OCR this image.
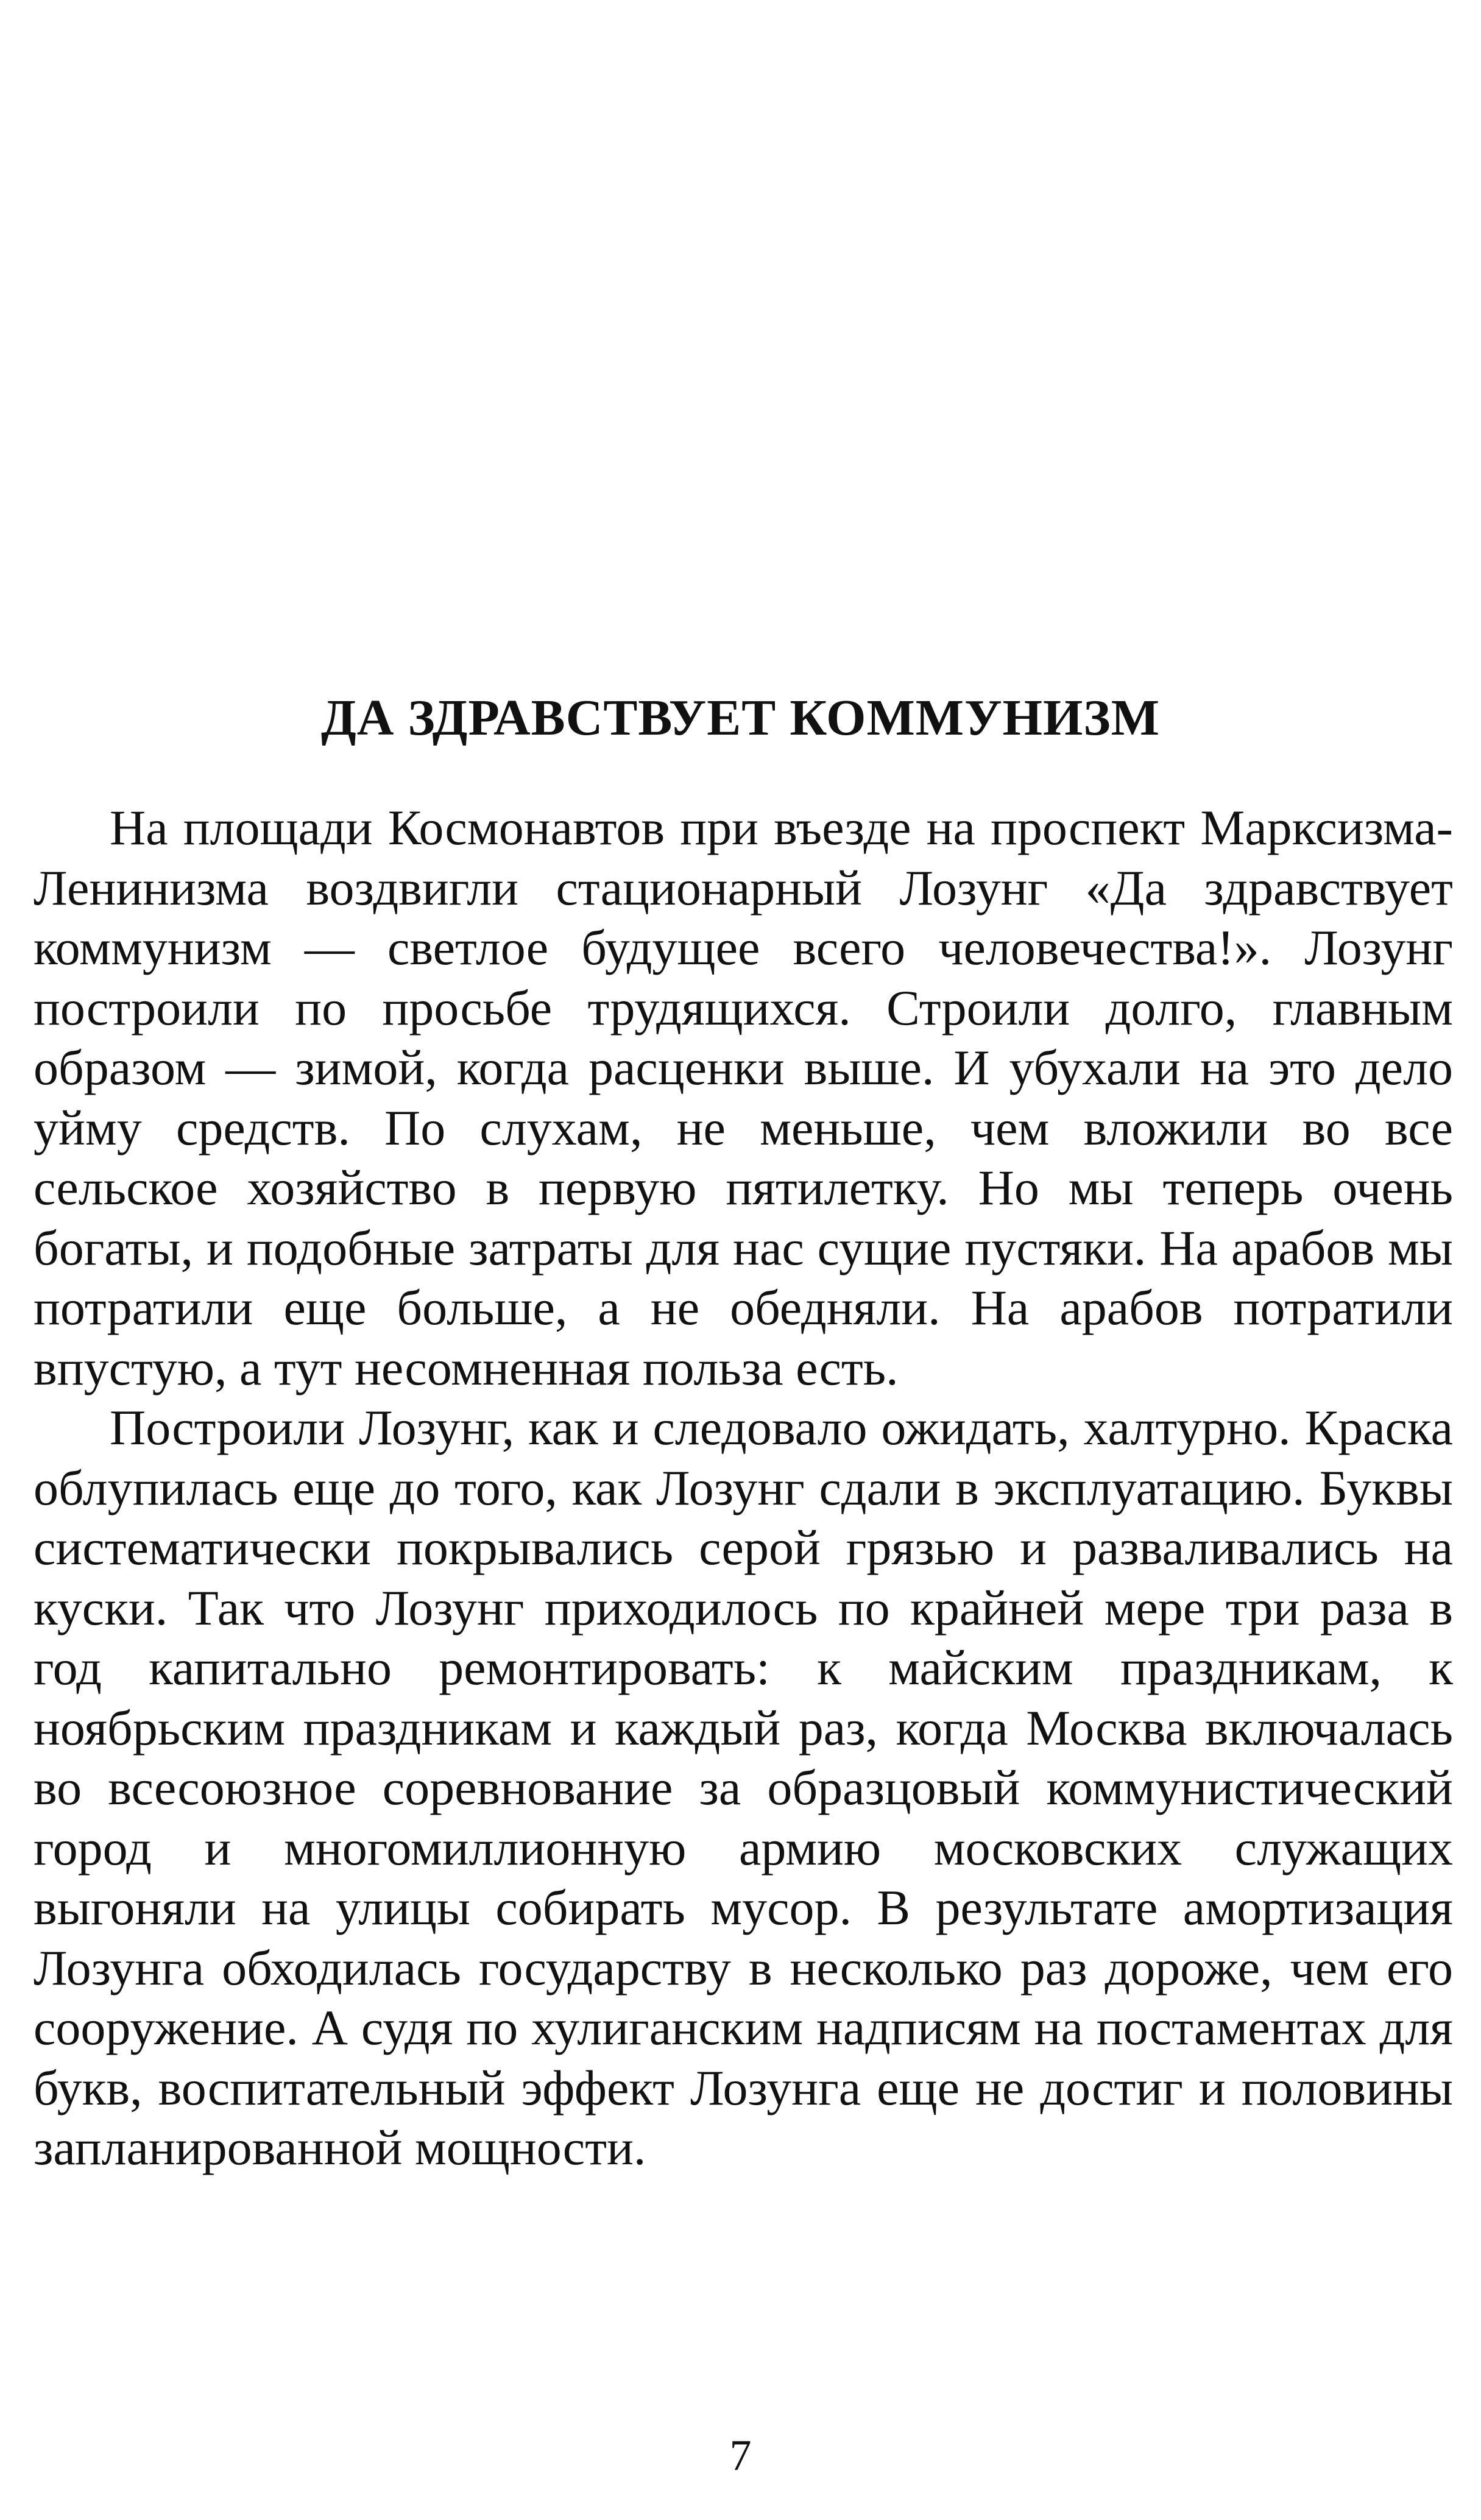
ДА ЗДРАВСТВУЕТ КОММУНИЗМ

На площади Космонавтов при въезде на проспект Марксизма-Ленинизма воздвигли стационарный Лозунг «Да здравствует коммунизм — светлое будущее всего человечества!». Лозунг построили по просьбе трудящихся. Строили долго, главным образом — зимой, когда расценки выше. И убухали на это дело уйму средств. По слухам, не меньше, чем вложили во все сельское хозяйство в первую пятилетку. Но мы теперь очень богаты, и подобные затраты для нас сущие пустяки. На арабов мы потратили еще больше, а не обедняли. На арабов потратили впустую, а тут несомненная польза есть.

Построили Лозунг, как и следовало ожидать, халтурно. Краска облупилась еще до того, как Лозунг сдали в эксплуатацию. Буквы систематически покрывались серой грязью и разваливались на куски. Так что Лозунг приходилось по крайней мере три раза в год капитально ремонтировать: к майским праздникам, к ноябрьским праздникам и каждый раз, когда Москва включалась во всесоюзное соревнование за образцовый коммунистический город и многомиллионную армию московских служащих выгоняли на улицы собирать мусор. В результате амортизация Лозунга обходилась государству в несколько раз дороже, чем его сооружение. А судя по хулиганским надписям на постаментах для букв, воспитательный эффект Лозунга еще не достиг и половины запланированной мощности.

7
